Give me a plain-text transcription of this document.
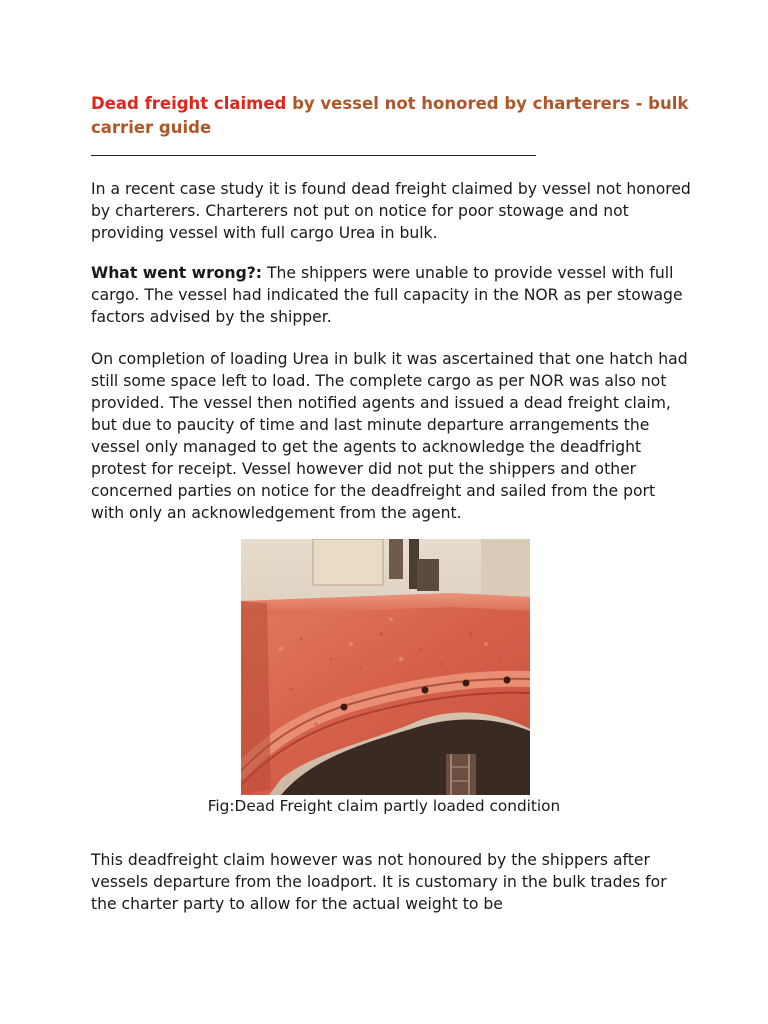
Dead freight claimed by vessel not honored by charterers - bulk carrier guide

In a recent case study it is found dead freight claimed by vessel not honored by charterers. Charterers not put on notice for poor stowage and not providing vessel with full cargo Urea in bulk.

What went wrong?: The shippers were unable to provide vessel with full cargo. The vessel had indicated the full capacity in the NOR as per stowage factors advised by the shipper.

On completion of loading Urea in bulk it was ascertained that one hatch had still some space left to load. The complete cargo as per NOR was also not provided. The vessel then notified agents and issued a dead freight claim, but due to paucity of time and last minute departure arrangements the vessel only managed to get the agents to acknowledge the deadfright protest for receipt. Vessel however did not put the shippers and other concerned parties on notice for the deadfreight and sailed from the port with only an acknowledgement from the agent.

Fig:Dead Freight claim partly loaded condition

This deadfreight claim however was not honoured by the shippers after vessels departure from the loadport. It is customary in the bulk trades for the charter party to allow for the actual weight to be
